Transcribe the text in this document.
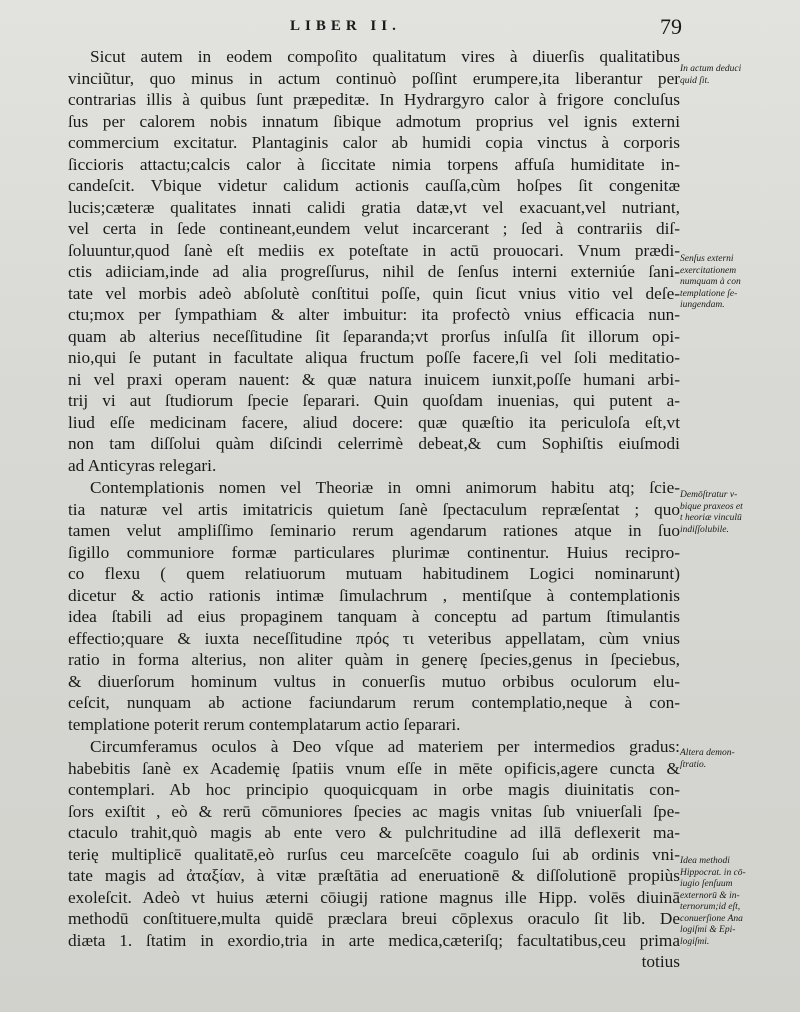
LIBER II.	79
Sicut autem in eodem compoſito qualitatum vires à diuerſis qualitatibus
vinciũtur, quo minus in actum continuò poſſint erumpere,ita liberantur per
contrarias illis à quibus ſunt præpeditæ. In Hydrargyro calor à frigore concluſus
ſus per calorem nobis innatum ſibique admotum proprius vel ignis externi
commercium excitatur. Plantaginis calor ab humidi copia vinctus à corporis
ſiccioris attactu;calcis calor à ſiccitate nimia torpens affuſa humiditate in-
candeſcit. Vbique videtur calidum actionis cauſſa,cùm hoſpes ſit congenitæ
lucis;cæteræ qualitates innati calidi gratia datæ,vt vel exacuant,vel nutriant,
vel certa in ſede contineant,eundem velut incarcerant ; ſed à contrariis diſ-
ſoluuntur,quod ſanè eſt mediis ex poteſtate in actū prouocari. Vnum prædi-
ctis adiiciam,inde ad alia progreſſurus, nihil de ſenſus interni externiúe ſani-
tate vel morbis adeò abſolutè conſtitui poſſe, quin ſicut vnius vitio vel deſe-
ctu;mox per ſympathiam & alter imbuitur: ita profectò vnius efficacia nun-
quam ab alterius neceſſitudine ſit ſeparanda;vt prorſus inſulſa ſit illorum opi-
nio,qui ſe putant in facultate aliqua fructum poſſe facere,ſi vel ſoli meditatio-
ni vel praxi operam nauent: & quæ natura inuicem iunxit,poſſe humani arbi-
trij vi aut ſtudiorum ſpecie ſeparari. Quin quoſdam inuenias, qui putent a-
liud eſſe medicinam facere, aliud docere: quæ quæſtio ita periculoſa eſt,vt
non tam diſſolui quàm diſcindi celerrimè debeat,& cum Sophiſtis eiuſmodi
ad Anticyras relegari.
Contemplationis nomen vel Theoriæ in omni animorum habitu atq; ſcie-
tia naturæ vel artis imitatricis quietum ſanè ſpectaculum repræſentat ; quo
tamen velut ampliſſimo ſeminario rerum agendarum rationes atque in ſuo
ſigillo communiore formæ particulares plurimæ continentur. Huius recipro-
co flexu ( quem relatiuorum mutuam habitudinem Logici nominarunt)
dicetur & actio rationis intimæ ſimulachrum , mentiſque à contemplationis
idea ſtabili ad eius propaginem tanquam à conceptu ad partum ſtimulantis
effectio;quare & iuxta neceſſitudine πρός τι veteribus appellatam, cùm vnius
ratio in forma alterius, non aliter quàm in generę ſpecies,genus in ſpeciebus,
& diuerſorum hominum vultus in conuerſis mutuo orbibus oculorum elu-
ceſcit, nunquam ab actione faciundarum rerum contemplatio,neque à con-
templatione poterit rerum contemplatarum actio ſeparari.
Circumferamus oculos à Deo vſque ad materiem per intermedios gradus:
habebitis ſanè ex Academię ſpatiis vnum eſſe in mēte opificis,agere cuncta &
contemplari. Ab hoc principio quoquicquam in orbe magis diuinitatis con-
ſors exiſtit , eò & rerū cōmuniores ſpecies ac magis vnitas ſub vniuerſali ſpe-
ctaculo trahit,quò magis ab ente vero & pulchritudine ad illā deflexerit ma-
terię multiplicē qualitatē,eò rurſus ceu marceſcēte coagulo ſui ab ordinis vni-
tate magis ad ἀταξίαν, à vitæ præſtātia ad eneruationē & diſſolutionē propiùs
exoleſcit. Adeò vt huius æterni cōiugij ratione magnus ille Hipp. volēs diuinā
methodū conſtituere,multa quidē præclara breui cōplexus oraculo ſit lib. De
diæta 1. ſtatim in exordio,tria in arte medica,cæteriſq; facultatibus,ceu prima
totius
In actum deduci
quid ſit.
Senſus externi
exercitationem
numquam à con
templatione ſe-
iungendam.
Demōſtratur v-
bique praxeos et
t heoriæ vinculū
indiſſolubile.
Altera demon-
ſtratio.
Idea methodi
Hippocrat. in cō-
iugio ſenſuum
externorū & in-
ternorum;id eſt,
conuerſione Ana
logiſmi & Epi-
logiſmi.
